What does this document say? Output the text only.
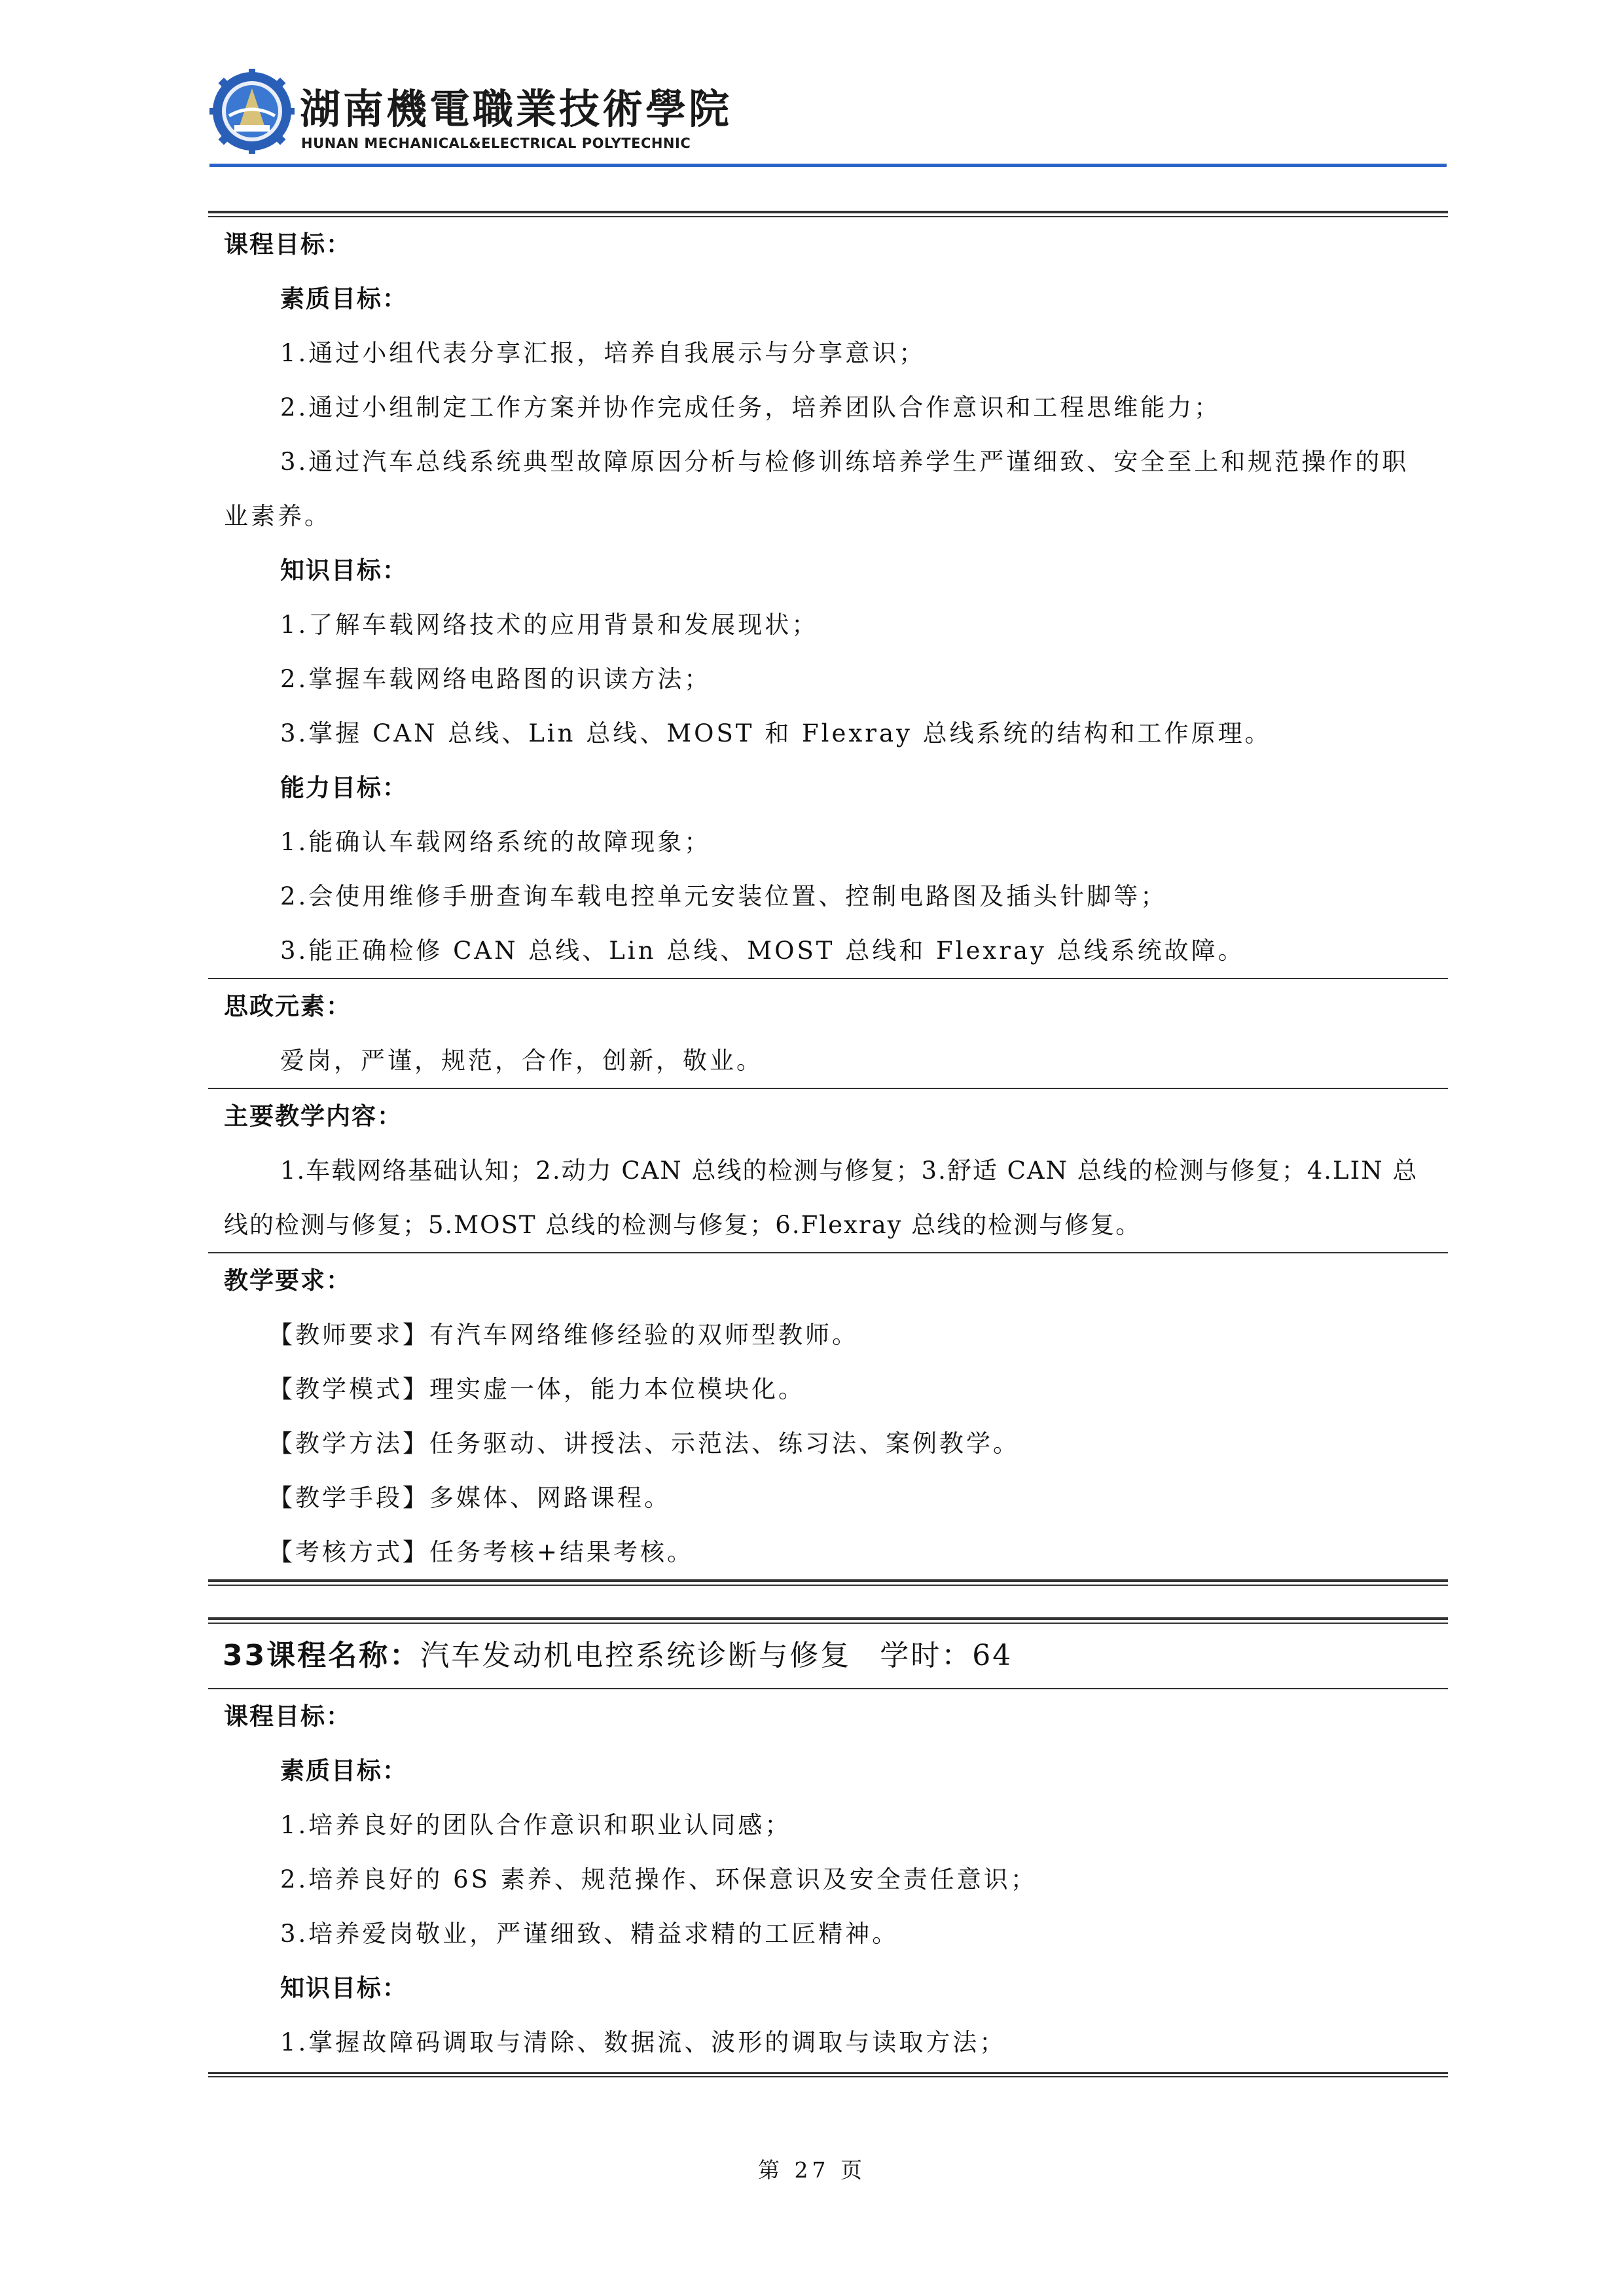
湖南機電職業技術學院
HUNAN MECHANICAL&ELECTRICAL POLYTECHNIC
课程目标：
素质目标：
1.通过小组代表分享汇报，培养自我展示与分享意识；
2.通过小组制定工作方案并协作完成任务，培养团队合作意识和工程思维能力；
3.通过汽车总线系统典型故障原因分析与检修训练培养学生严谨细致、安全至上和规范操作的职业素养。
知识目标：
1.了解车载网络技术的应用背景和发展现状；
2.掌握车载网络电路图的识读方法；
3.掌握 CAN 总线、Lin 总线、MOST 和 Flexray 总线系统的结构和工作原理。
能力目标：
1.能确认车载网络系统的故障现象；
2.会使用维修手册查询车载电控单元安装位置、控制电路图及插头针脚等；
3.能正确检修 CAN 总线、Lin 总线、MOST 总线和 Flexray 总线系统故障。
思政元素：
爱岗，严谨，规范，合作，创新，敬业。
主要教学内容：
1.车载网络基础认知；2.动力 CAN 总线的检测与修复；3.舒适 CAN 总线的检测与修复；4.LIN 总线的检测与修复；5.MOST 总线的检测与修复；6.Flexray 总线的检测与修复。
教学要求：
【教师要求】有汽车网络维修经验的双师型教师。
【教学模式】理实虚一体，能力本位模块化。
【教学方法】任务驱动、讲授法、示范法、练习法、案例教学。
【教学手段】多媒体、网路课程。
【考核方式】任务考核+结果考核。
33课程名称：汽车发动机电控系统诊断与修复 学时：64
课程目标：
素质目标：
1.培养良好的团队合作意识和职业认同感；
2.培养良好的 6S 素养、规范操作、环保意识及安全责任意识；
3.培养爱岗敬业，严谨细致、精益求精的工匠精神。
知识目标：
1.掌握故障码调取与清除、数据流、波形的调取与读取方法；
第 27 页
